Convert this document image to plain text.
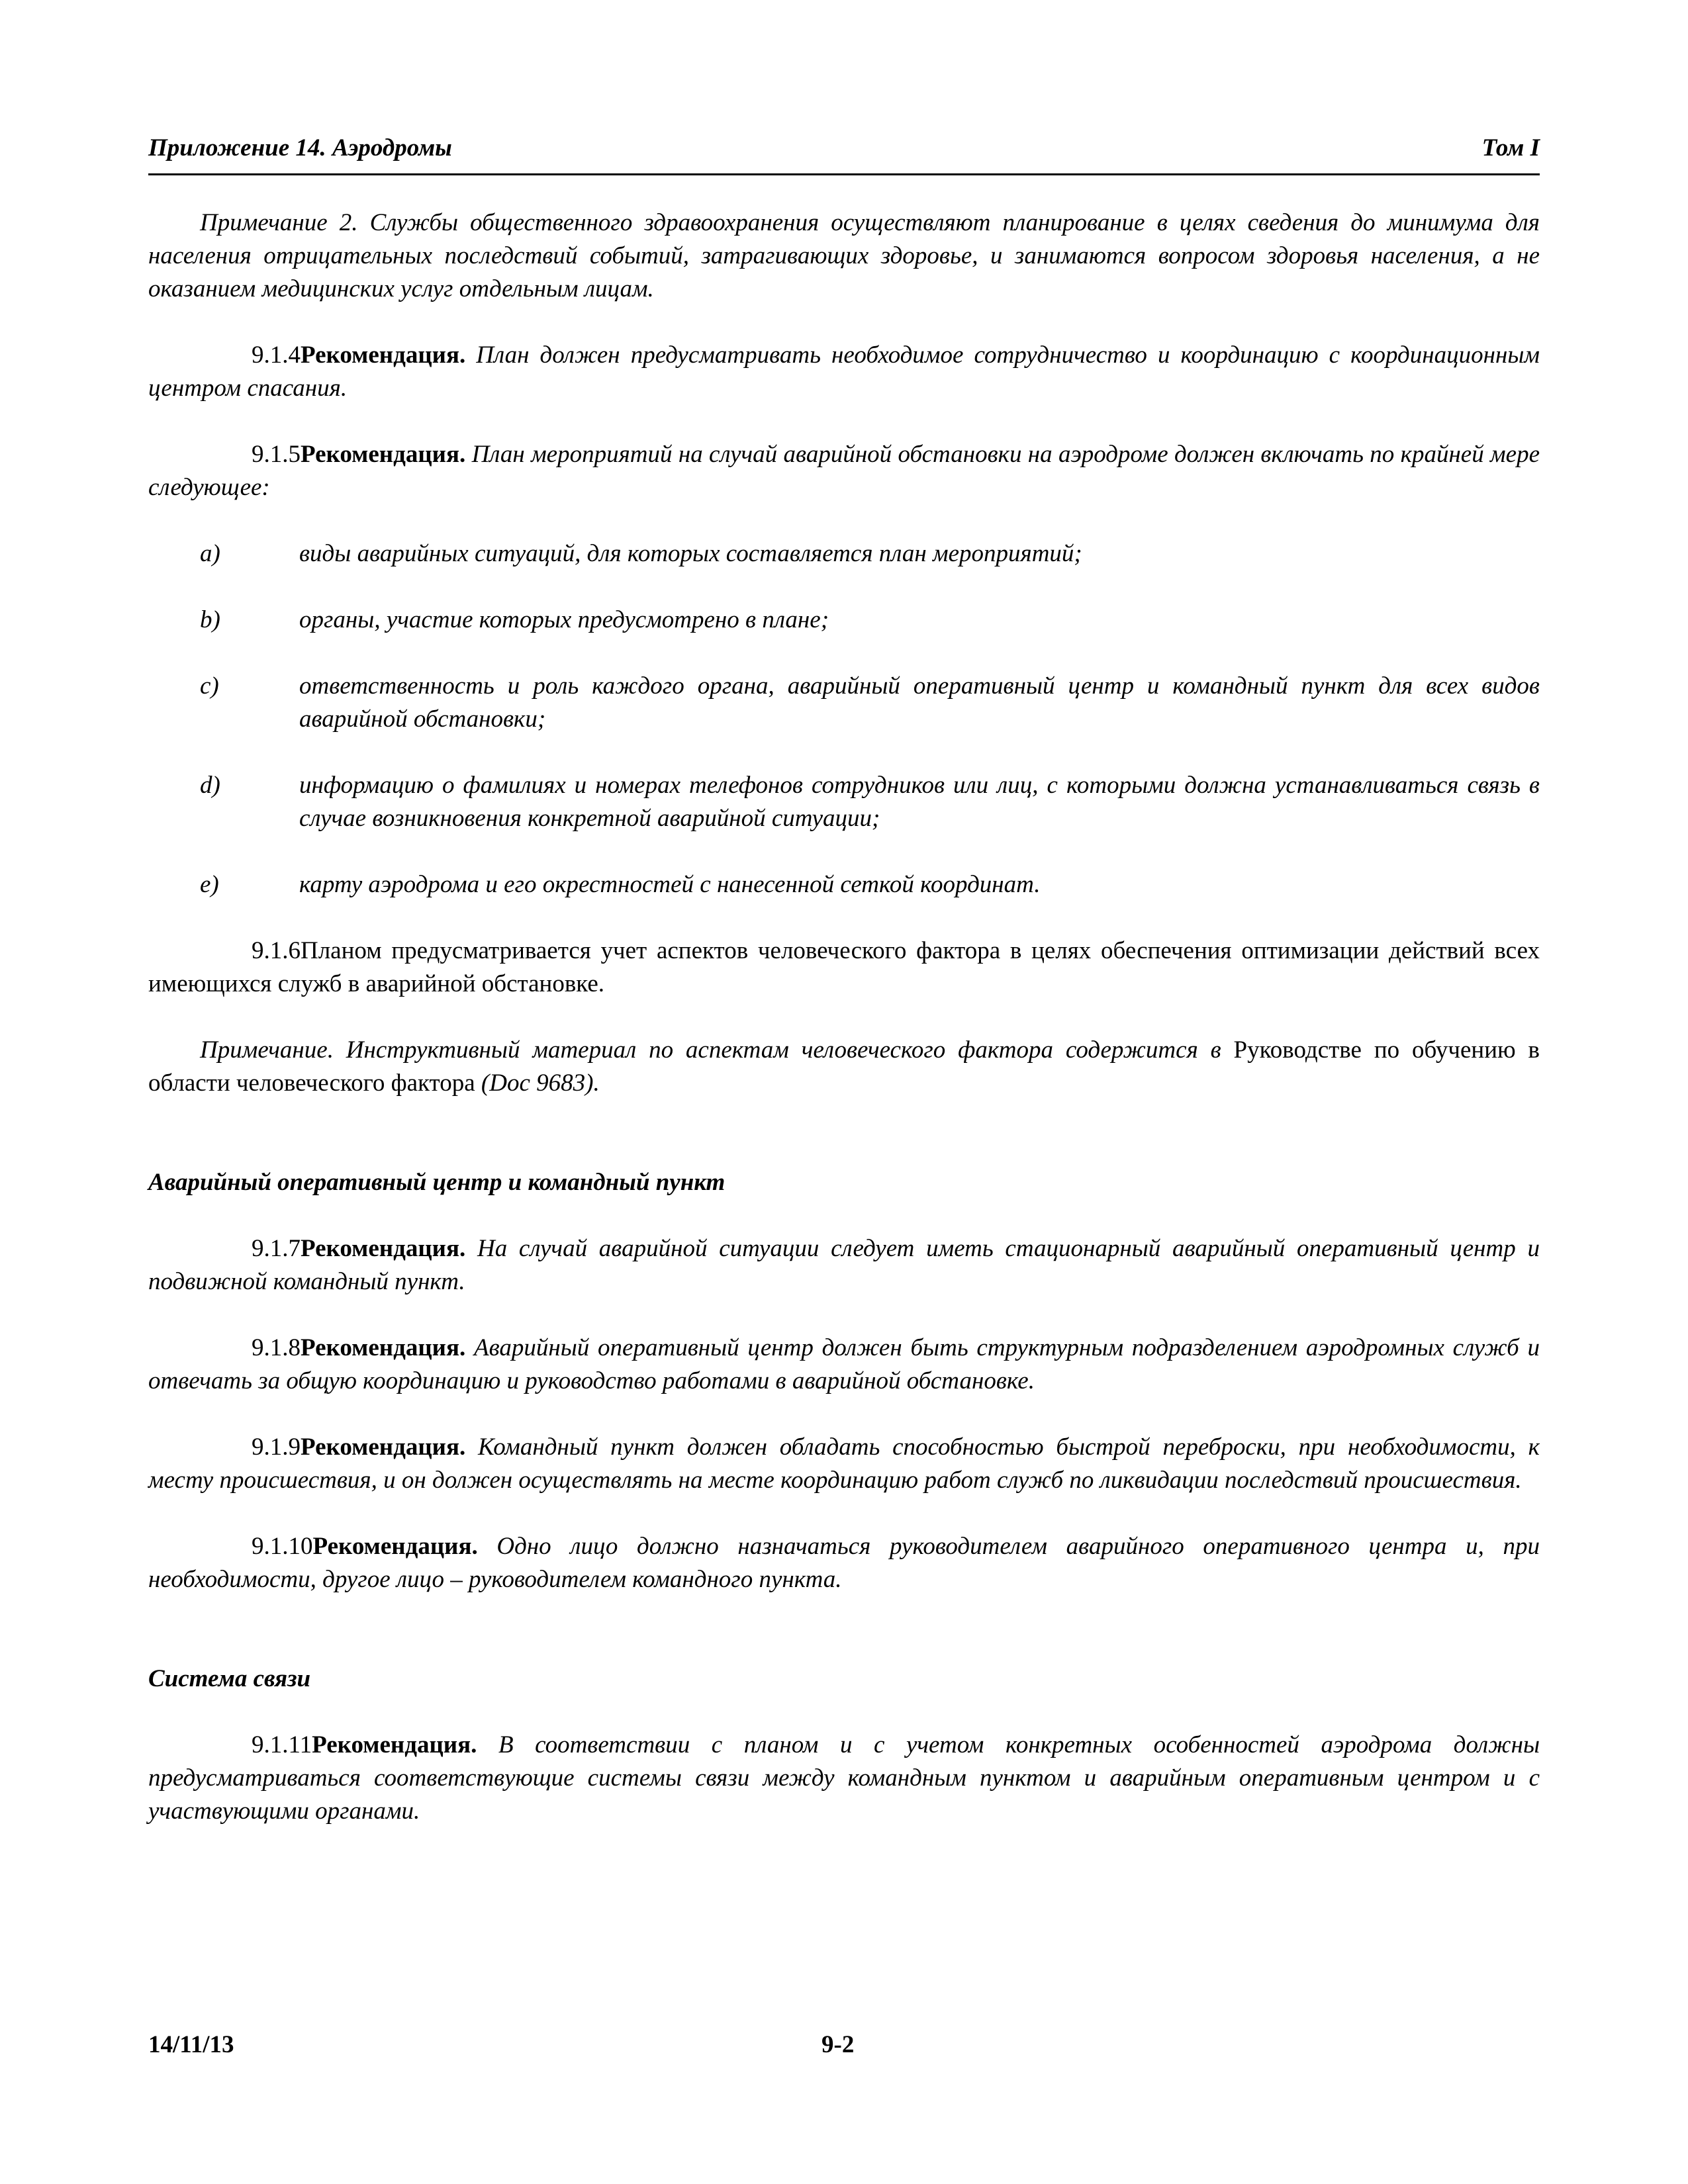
Приложение 14. Аэродромы	Том I

Примечание 2. Службы общественного здравоохранения осуществляют планирование в целях сведения до минимума для населения отрицательных последствий событий, затрагивающих здоровье, и занимаются вопросом здоровья населения, а не оказанием медицинских услуг отдельным лицам.

9.1.4Рекомендация. План должен предусматривать необходимое сотрудничество и координацию с координационным центром спасания.

9.1.5Рекомендация. План мероприятий на случай аварийной обстановки на аэродроме должен включать по крайней мере следующее:

a)	виды аварийных ситуаций, для которых составляется план мероприятий;
b)	органы, участие которых предусмотрено в плане;
c)	ответственность и роль каждого органа, аварийный оперативный центр и командный пункт для всех видов аварийной обстановки;
d)	информацию о фамилиях и номерах телефонов сотрудников или лиц, с которыми должна устанавливаться связь в случае возникновения конкретной аварийной ситуации;
e)	карту аэродрома и его окрестностей с нанесенной сеткой координат.

9.1.6Планом предусматривается учет аспектов человеческого фактора в целях обеспечения оптимизации действий всех имеющихся служб в аварийной обстановке.

Примечание. Инструктивный материал по аспектам человеческого фактора содержится в Руководстве по обучению в области человеческого фактора (Doc 9683).

Аварийный оперативный центр и командный пункт

9.1.7Рекомендация. На случай аварийной ситуации следует иметь стационарный аварийный оперативный центр и подвижной командный пункт.

9.1.8Рекомендация. Аварийный оперативный центр должен быть структурным подразделением аэродромных служб и отвечать за общую координацию и руководство работами в аварийной обстановке.

9.1.9Рекомендация. Командный пункт должен обладать способностью быстрой переброски, при необходимости, к месту происшествия, и он должен осуществлять на месте координацию работ служб по ликвидации последствий происшествия.

9.1.10Рекомендация. Одно лицо должно назначаться руководителем аварийного оперативного центра и, при необходимости, другое лицо – руководителем командного пункта.

Система связи

9.1.11Рекомендация. В соответствии с планом и с учетом конкретных особенностей аэродрома должны предусматриваться соответствующие системы связи между командным пунктом и аварийным оперативным центром и с участвующими органами.

14/11/13	9-2
